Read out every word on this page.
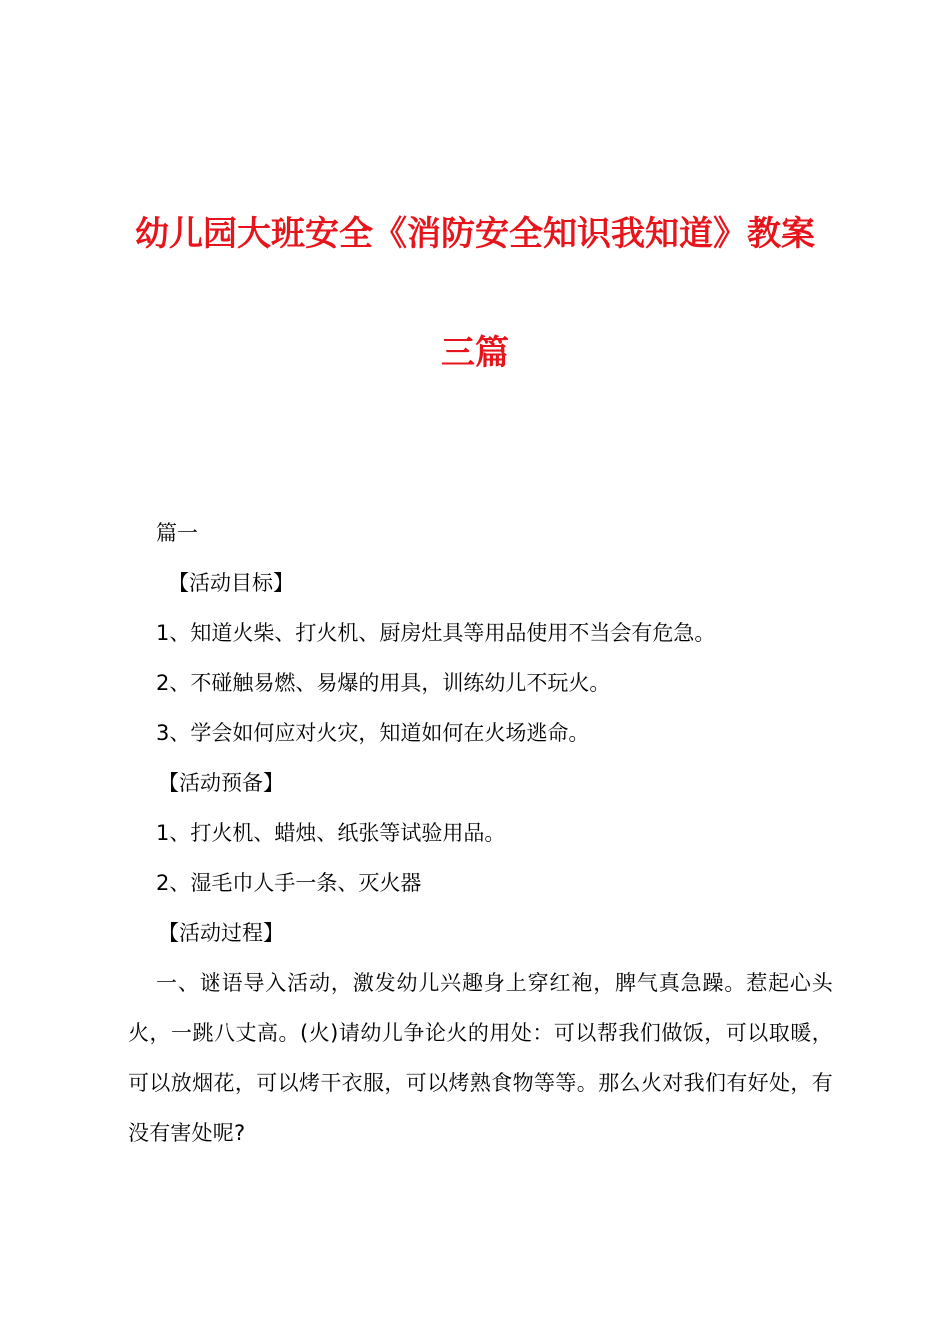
幼儿园大班安全《消防安全知识我知道》教案
三篇
篇一
【活动目标】
1、知道火柴、打火机、厨房灶具等用品使用不当会有危急。
2、不碰触易燃、易爆的用具，训练幼儿不玩火。
3、学会如何应对火灾，知道如何在火场逃命。
【活动预备】
1、打火机、蜡烛、纸张等试验用品。
2、湿毛巾人手一条、灭火器
【活动过程】
一、谜语导入活动，激发幼儿兴趣身上穿红袍，脾气真急躁。惹起心头火，一跳八丈高。(火)请幼儿争论火的用处：可以帮我们做饭，可以取暖，可以放烟花，可以烤干衣服，可以烤熟食物等等。那么火对我们有好处，有没有害处呢?
